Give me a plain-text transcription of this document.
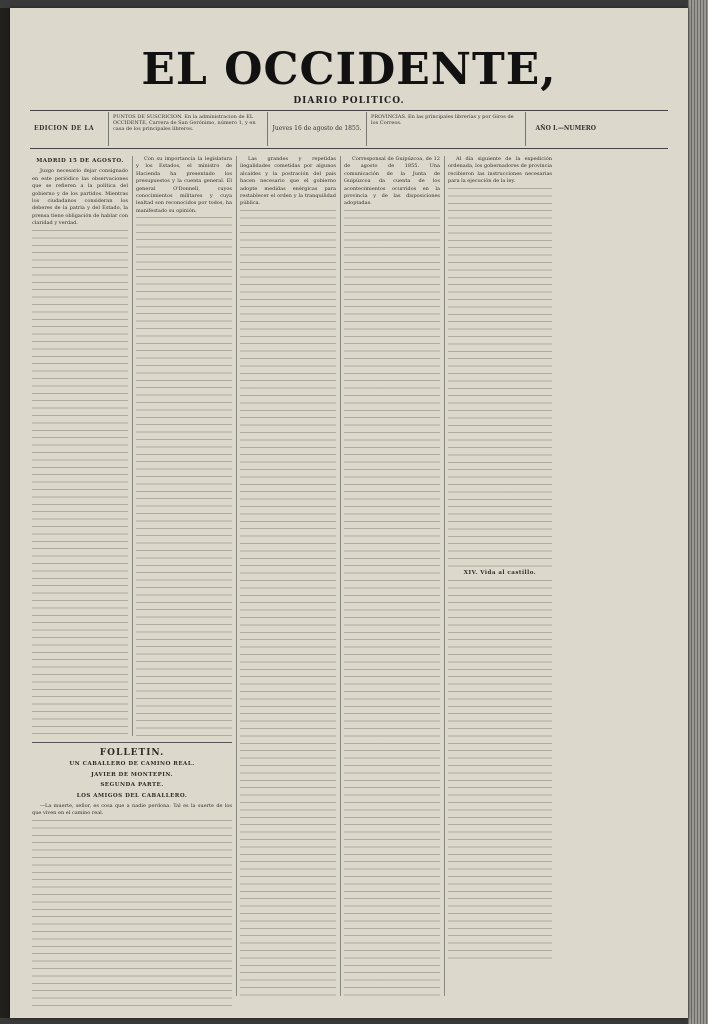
EL OCCIDENTE,
DIARIO POLITICO.
EDICION DE LA
PUNTOS DE SUSCRICION. En la administracion de EL OCCIDENTE, Carrera de San Gerónimo, número 1, y en casa de los principales libreros.	Jueves 16 de agosto de 1855.
PROVINCIAS. En las principales librerías y por Giros de los Correos.
AÑO I.—NUMERO
MADRID 15 DE AGOSTO.

Juzgo necesario dejar consignado en este periódico las observaciones que se refieren a la política del gobierno y de los partidos. Mientras los ciudadanos consideran los deberes de la patria y del Estado, la prensa tiene obligación de hablar con claridad y verdad.

Con su importancia la legislatura y los Estados, el ministro de Hacienda ha presentado los presupuestos y la cuenta general. El general O'Donnell, cuyos conocimientos militares y cuya lealtad son reconocidos por todos, ha manifestado su opinión.

Las grandes y repetidas ilegalidades cometidas por algunos alcaldes y la postración del país hacen necesario que el gobierno adopte medidas enérgicas para restablecer el orden y la tranquilidad pública.

Corresponsal de Guipúzcoa, de 12 de agosto de 1855. Una comunicación de la Junta de Guipúzcoa da cuenta de los acontecimientos ocurridos en la provincia y de las disposiciones adoptadas.

Al día siguiente de la expedición ordenada, los gobernadores de provincia recibieron las instrucciones necesarias para la ejecución de la ley.

XIV. Vida al castillo.
FOLLETIN.
UN CABALLERO DE CAMINO REAL.
JAVIER DE MONTEPIN.
SEGUNDA PARTE.
LOS AMIGOS DEL CABALLERO.

—La muerte, señor, es cosa que a nadie perdona. Tal es la suerte de los que viven en el camino real.
